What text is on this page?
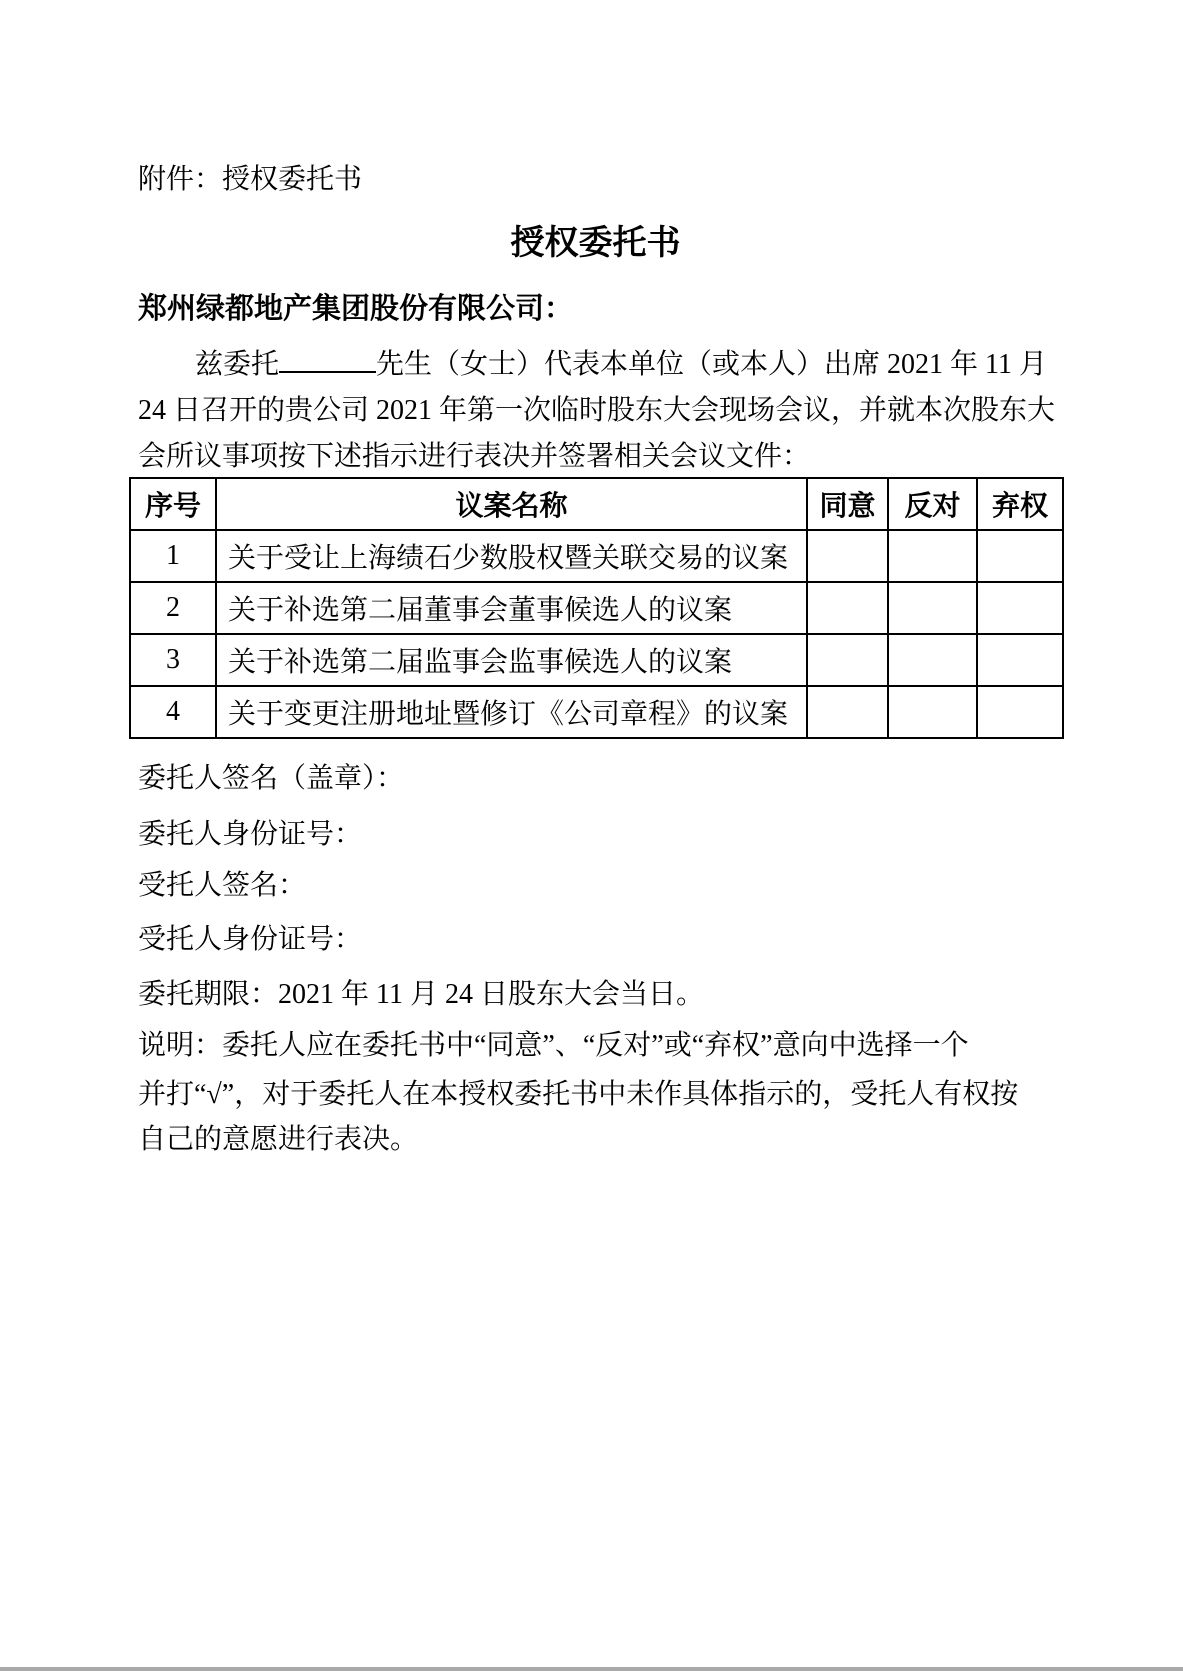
附件：授权委托书
授权委托书
郑州绿都地产集团股份有限公司：
兹委托	先生（女士）代表本单位（或本人）出席 2021 年 11 月
24 日召开的贵公司 2021 年第一次临时股东大会现场会议，并就本次股东大
会所议事项按下述指示进行表决并签署相关会议文件：
序号	议案名称	同意	反对	弃权
1	关于受让上海绩石少数股权暨关联交易的议案			
2	关于补选第二届董事会董事候选人的议案			
3	关于补选第二届监事会监事候选人的议案			
4	关于变更注册地址暨修订《公司章程》的议案			
委托人签名（盖章）：
委托人身份证号：
受托人签名：
受托人身份证号：
委托期限：2021 年 11 月 24 日股东大会当日。
说明：委托人应在委托书中“同意”、“反对”或“弃权”意向中选择一个
并打“√”，对于委托人在本授权委托书中未作具体指示的，受托人有权按
自己的意愿进行表决。
